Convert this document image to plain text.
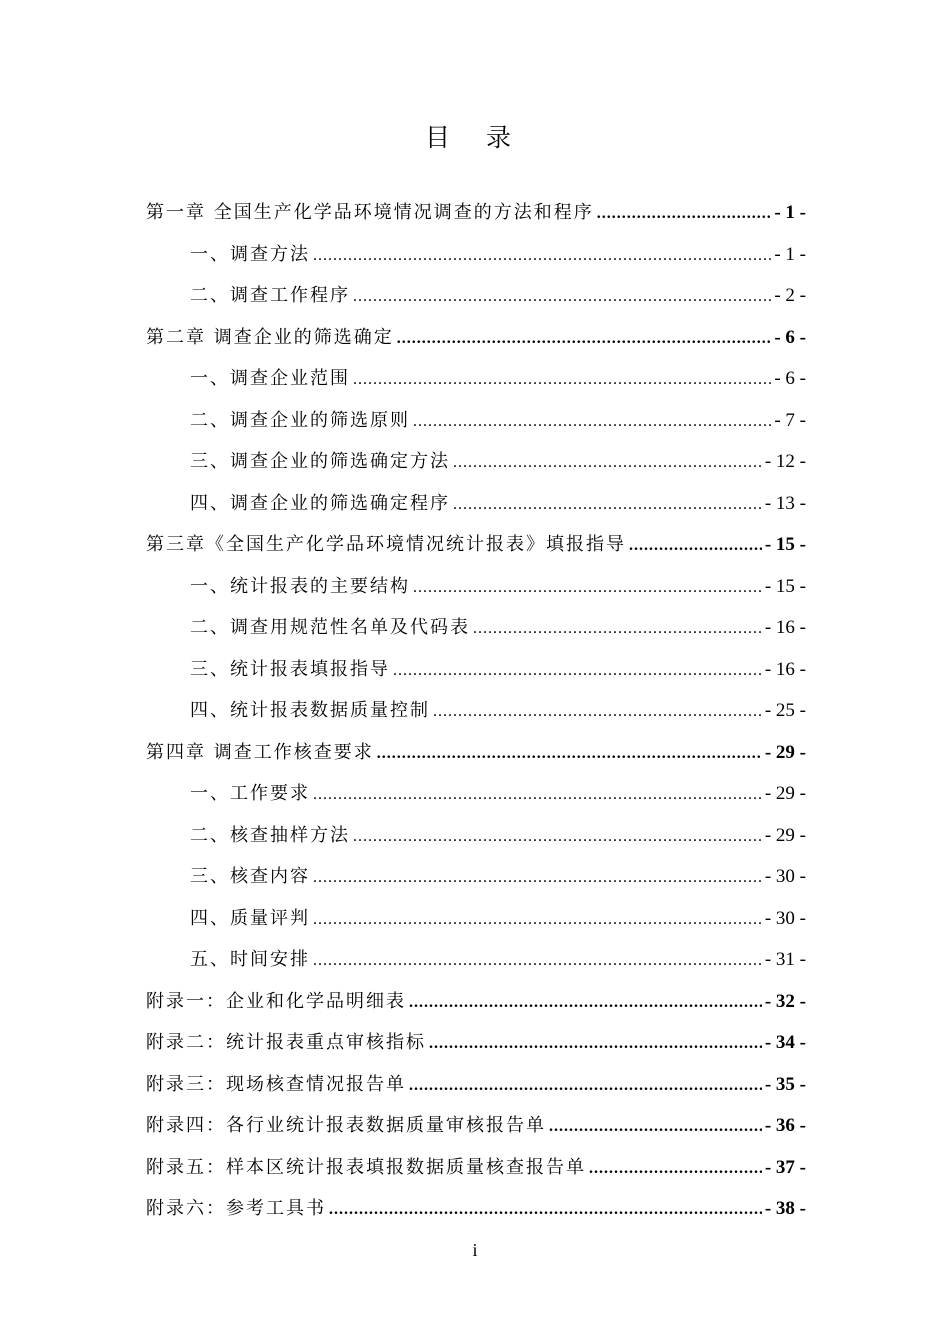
目 录
第一章 全国生产化学品环境情况调查的方法和程序 .....	- 1 -
一、调查方法 .....	- 1 -
二、调查工作程序 .....	- 2 -
第二章 调查企业的筛选确定 .....	- 6 -
一、调查企业范围 .....	- 6 -
二、调查企业的筛选原则 .....	- 7 -
三、调查企业的筛选确定方法 .....	- 12 -
四、调查企业的筛选确定程序 .....	- 13 -
第三章《全国生产化学品环境情况统计报表》填报指导 .....	- 15 -
一、统计报表的主要结构 .....	- 15 -
二、调查用规范性名单及代码表 .....	- 16 -
三、统计报表填报指导 .....	- 16 -
四、统计报表数据质量控制 .....	- 25 -
第四章 调查工作核查要求 .....	- 29 -
一、工作要求 .....	- 29 -
二、核查抽样方法 .....	- 29 -
三、核查内容 .....	- 30 -
四、质量评判 .....	- 30 -
五、时间安排 .....	- 31 -
附录一：企业和化学品明细表 .....	- 32 -
附录二：统计报表重点审核指标 .....	- 34 -
附录三：现场核查情况报告单 .....	- 35 -
附录四：各行业统计报表数据质量审核报告单 .....	- 36 -
附录五：样本区统计报表填报数据质量核查报告单 .....	- 37 -
附录六：参考工具书 .....	- 38 -
i
